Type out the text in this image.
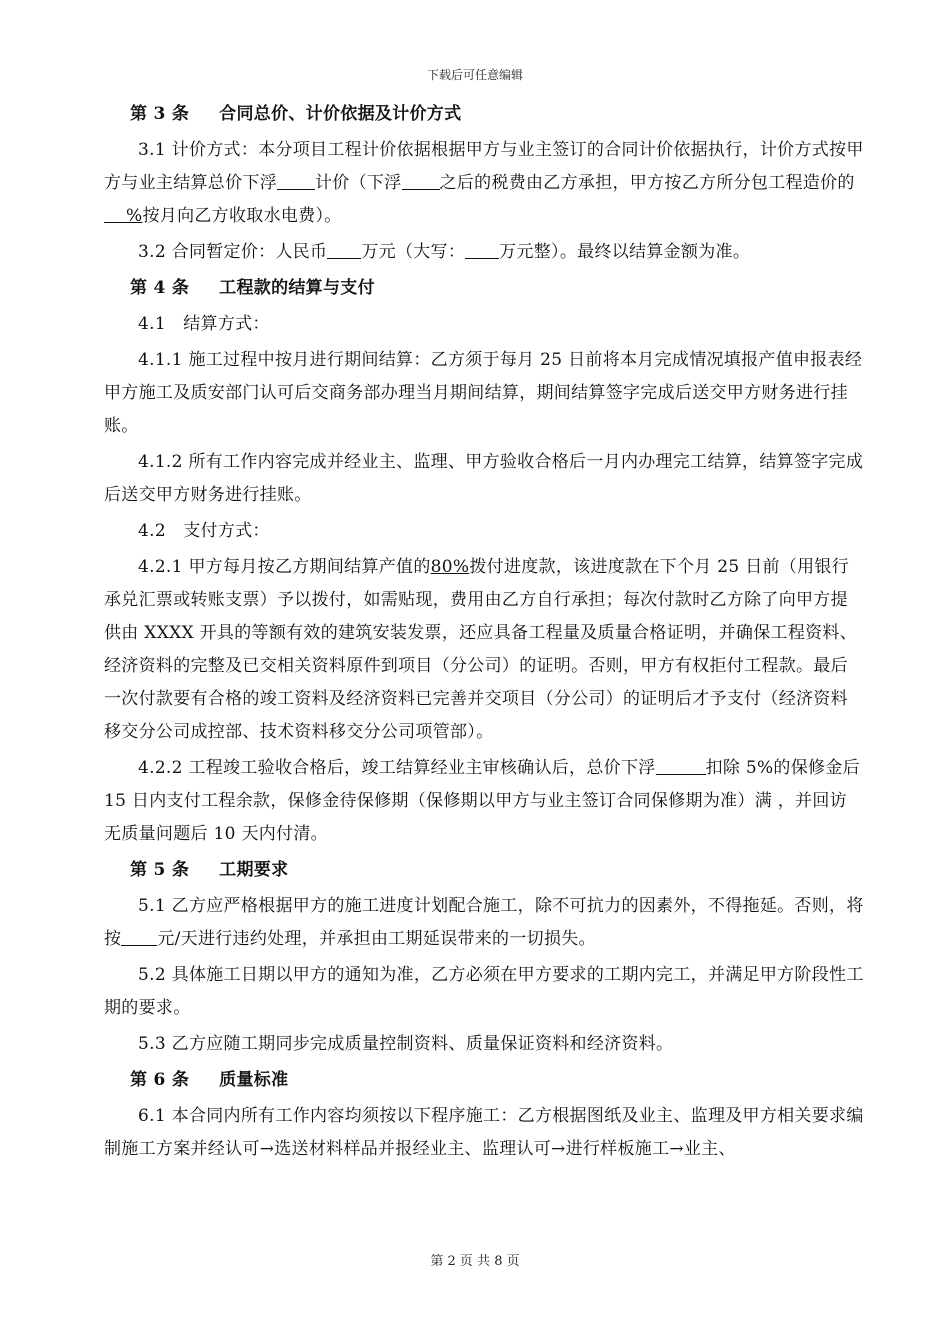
下载后可任意编辑

第 3 条 合同总价、计价依据及计价方式

3.1 计价方式：本分项目工程计价依据根据甲方与业主签订的合同计价依据执行，计价方式按甲方与业主结算总价下浮 计价（下浮 之后的税费由乙方承担，甲方按乙方所分包工程造价的%按月向乙方收取水电费）。

3.2 合同暂定价：人民币 万元（大写： 万元整）。最终以结算金额为准。

第 4 条 工程款的结算与支付

4.1　结算方式：

4.1.1 施工过程中按月进行期间结算：乙方须于每月 25 日前将本月完成情况填报产值申报表经甲方施工及质安部门认可后交商务部办理当月期间结算，期间结算签字完成后送交甲方财务进行挂账。

4.1.2 所有工作内容完成并经业主、监理、甲方验收合格后一月内办理完工结算，结算签字完成后送交甲方财务进行挂账。

4.2　支付方式：

4.2.1 甲方每月按乙方期间结算产值的80%拨付进度款，该进度款在下个月 25 日前（用银行承兑汇票或转账支票）予以拨付，如需贴现，费用由乙方自行承担；每次付款时乙方除了向甲方提供由 XXXX 开具的等额有效的建筑安装发票，还应具备工程量及质量合格证明，并确保工程资料、经济资料的完整及已交相关资料原件到项目（分公司）的证明。否则，甲方有权拒付工程款。最后一次付款要有合格的竣工资料及经济资料已完善并交项目（分公司）的证明后才予支付（经济资料移交分公司成控部、技术资料移交分公司项管部）。

4.2.2 工程竣工验收合格后，竣工结算经业主审核确认后，总价下浮	扣除 5%的保修金后 15 日内支付工程余款，保修金待保修期（保修期以甲方与业主签订合同保修期为准）满 ，并回访无质量问题后 10 天内付清。

第 5 条 工期要求

5.1 乙方应严格根据甲方的施工进度计划配合施工，除不可抗力的因素外，不得拖延。否则，将按 元/天进行违约处理，并承担由工期延误带来的一切损失。

5.2 具体施工日期以甲方的通知为准，乙方必须在甲方要求的工期内完工，并满足甲方阶段性工期的要求。

5.3 乙方应随工期同步完成质量控制资料、质量保证资料和经济资料。

第 6 条 质量标准

6.1 本合同内所有工作内容均须按以下程序施工：乙方根据图纸及业主、监理及甲方相关要求编制施工方案并经认可→选送材料样品并报经业主、监理认可→进行样板施工→业主、

第 2 页 共 8 页
